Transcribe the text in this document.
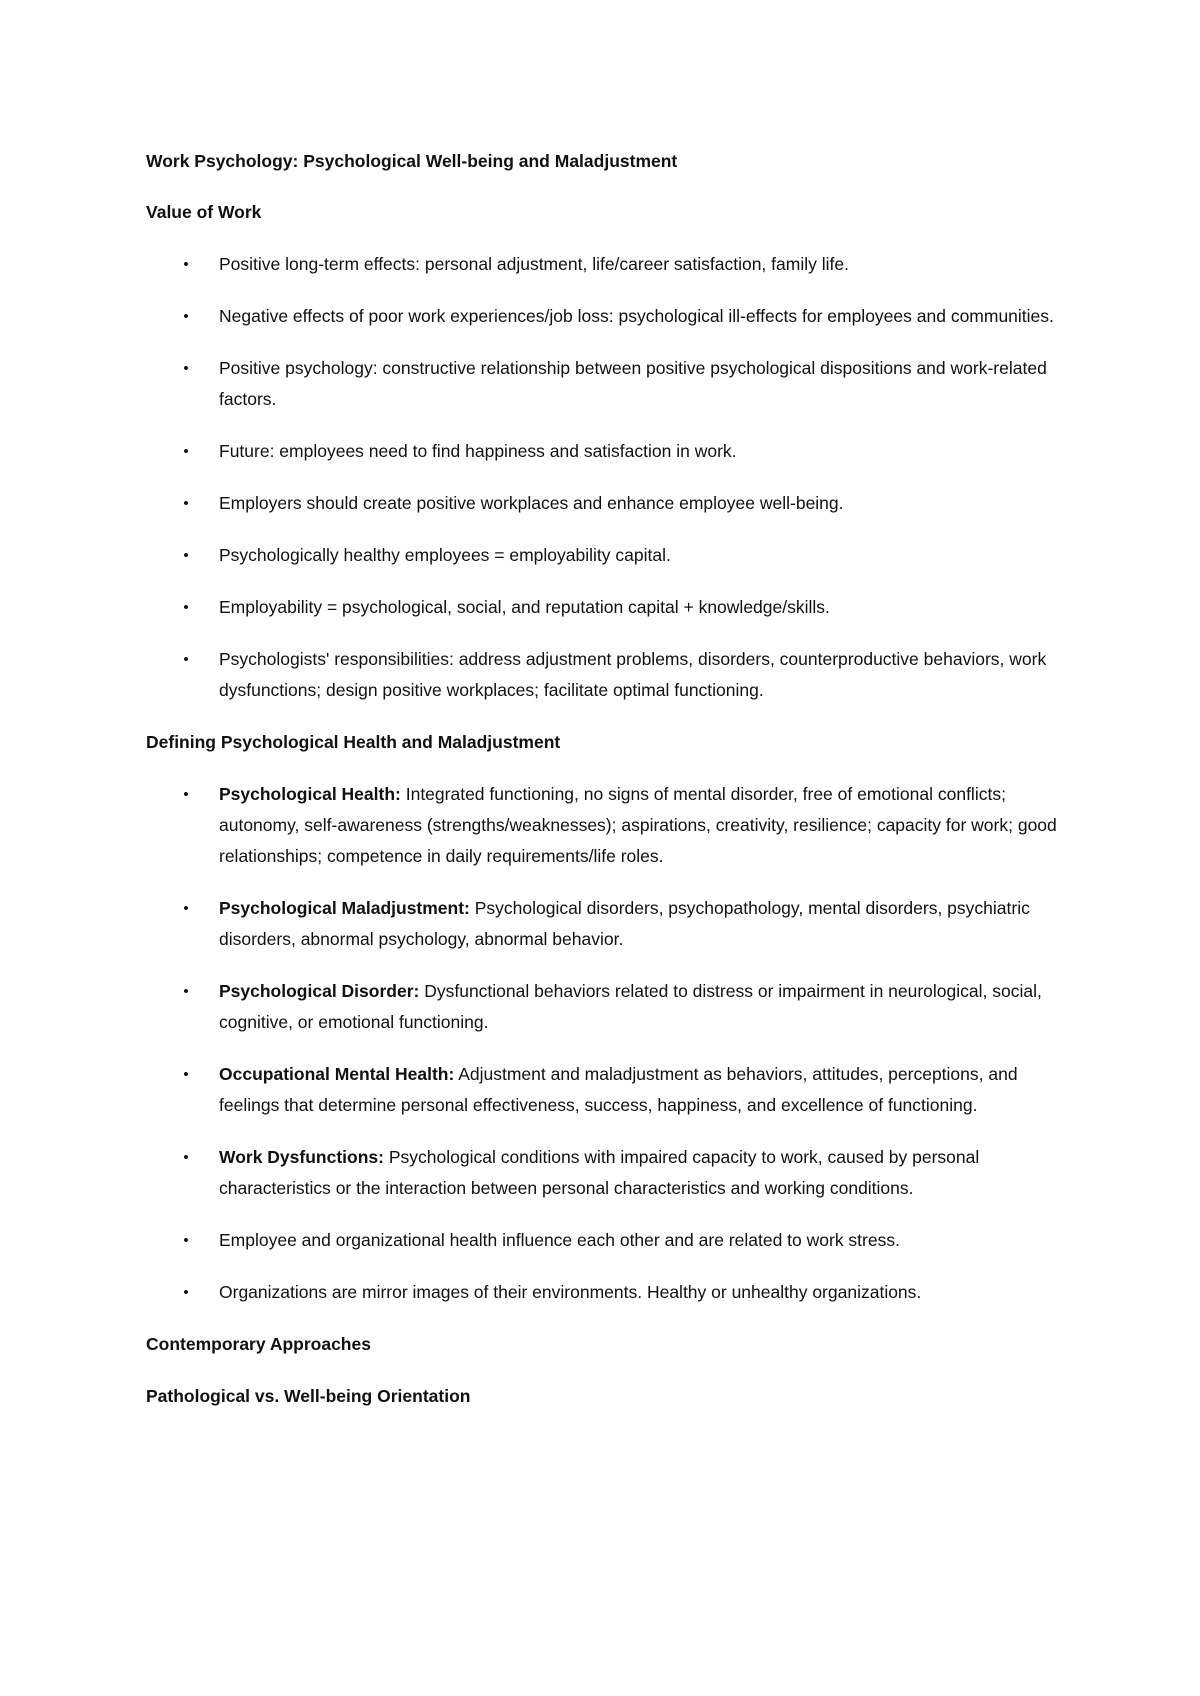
Work Psychology: Psychological Well-being and Maladjustment
Value of Work
• Positive long-term effects: personal adjustment, life/career satisfaction, family life.
• Negative effects of poor work experiences/job loss: psychological ill-effects for employees and communities.
• Positive psychology: constructive relationship between positive psychological dispositions and work-related factors.
• Future: employees need to find happiness and satisfaction in work.
• Employers should create positive workplaces and enhance employee well-being.
• Psychologically healthy employees = employability capital.
• Employability = psychological, social, and reputation capital + knowledge/skills.
• Psychologists' responsibilities: address adjustment problems, disorders, counterproductive behaviors, work dysfunctions; design positive workplaces; facilitate optimal functioning.
Defining Psychological Health and Maladjustment
• Psychological Health: Integrated functioning, no signs of mental disorder, free of emotional conflicts; autonomy, self-awareness (strengths/weaknesses); aspirations, creativity, resilience; capacity for work; good relationships; competence in daily requirements/life roles.
• Psychological Maladjustment: Psychological disorders, psychopathology, mental disorders, psychiatric disorders, abnormal psychology, abnormal behavior.
• Psychological Disorder: Dysfunctional behaviors related to distress or impairment in neurological, social, cognitive, or emotional functioning.
• Occupational Mental Health: Adjustment and maladjustment as behaviors, attitudes, perceptions, and feelings that determine personal effectiveness, success, happiness, and excellence of functioning.
• Work Dysfunctions: Psychological conditions with impaired capacity to work, caused by personal characteristics or the interaction between personal characteristics and working conditions.
• Employee and organizational health influence each other and are related to work stress.
• Organizations are mirror images of their environments. Healthy or unhealthy organizations.
Contemporary Approaches
Pathological vs. Well-being Orientation
